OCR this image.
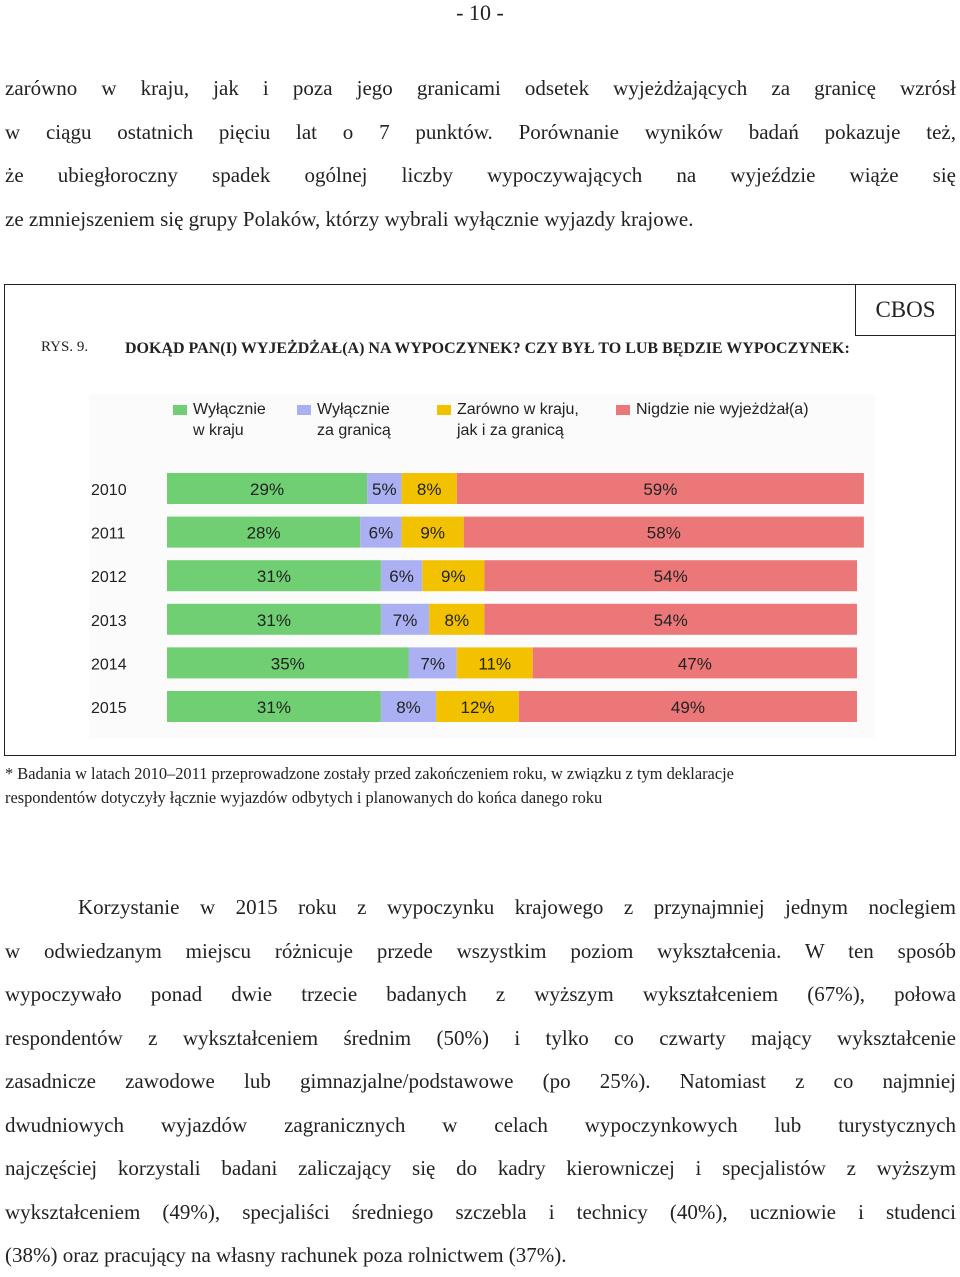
- 10 -
zarówno w kraju, jak i poza jego granicami odsetek wyjeżdżających za granicę wzrósł
w ciągu ostatnich pięciu lat o 7 punktów. Porównanie wyników badań pokazuje też,
że ubiegłoroczny spadek ogólnej liczby wypoczywających na wyjeździe wiąże się
ze zmniejszeniem się grupy Polaków, którzy wybrali wyłącznie wyjazdy krajowe.
CBOS
RYS. 9. DOKĄD PAN(I) WYJEŻDŻAŁ(A) NA WYPOCZYNEK? CZY BYŁ TO LUB BĘDZIE WYPOCZYNEK:
Wyłącznie
w kraju
Wyłącznie
za granicą
Zarówno w kraju,
jak i za granicą
Nigdzie nie wyjeżdżał(a)
2010	29%	5% 8%	59%
2011	28%	6% 9%	58%
2012	31%	6% 9%	54%
2013	31%	7% 8%	54%
2014	35%	7% 11%	47%
2015	31%	8% 12%	49%
* Badania w latach 2010–2011 przeprowadzone zostały przed zakończeniem roku, w związku z tym deklaracje
respondentów dotyczyły łącznie wyjazdów odbytych i planowanych do końca danego roku
Korzystanie w 2015 roku z wypoczynku krajowego z przynajmniej jednym noclegiem
w odwiedzanym miejscu różnicuje przede wszystkim poziom wykształcenia. W ten sposób
wypoczywało ponad dwie trzecie badanych z wyższym wykształceniem (67%), połowa
respondentów z wykształceniem średnim (50%) i tylko co czwarty mający wykształcenie
zasadnicze zawodowe lub gimnazjalne/podstawowe (po 25%). Natomiast z co najmniej
dwudniowych wyjazdów zagranicznych w celach wypoczynkowych lub turystycznych
najczęściej korzystali badani zaliczający się do kadry kierowniczej i specjalistów z wyższym
wykształceniem (49%), specjaliści średniego szczebla i technicy (40%), uczniowie i studenci
(38%) oraz pracujący na własny rachunek poza rolnictwem (37%).
